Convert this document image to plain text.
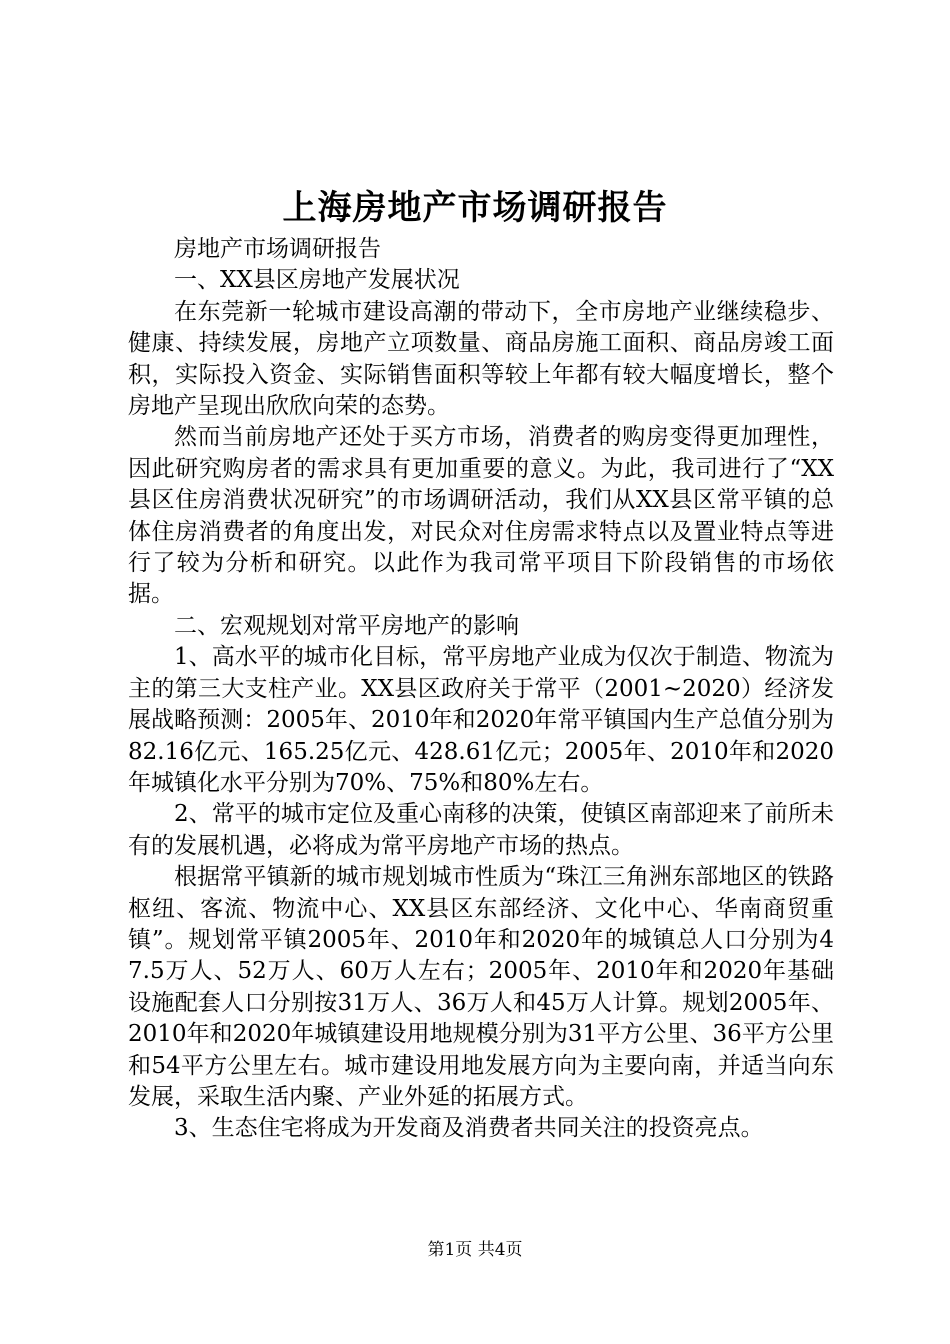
上海房地产市场调研报告

房地产市场调研报告

一、XX县区房地产发展状况

在东莞新一轮城市建设高潮的带动下，全市房地产业继续稳步、健康、持续发展，房地产立项数量、商品房施工面积、商品房竣工面积，实际投入资金、实际销售面积等较上年都有较大幅度增长，整个房地产呈现出欣欣向荣的态势。

然而当前房地产还处于买方市场，消费者的购房变得更加理性，因此研究购房者的需求具有更加重要的意义。为此，我司进行了“XX县区住房消费状况研究”的市场调研活动，我们从XX县区常平镇的总体住房消费者的角度出发，对民众对住房需求特点以及置业特点等进行了较为分析和研究。以此作为我司常平项目下阶段销售的市场依据。

二、宏观规划对常平房地产的影响

1、高水平的城市化目标，常平房地产业成为仅次于制造、物流为主的第三大支柱产业。XX县区政府关于常平（2001~2020）经济发展战略预测：2005年、2010年和2020年常平镇国内生产总值分别为82.16亿元、165.25亿元、428.61亿元；2005年、2010年和2020年城镇化水平分别为70%、75%和80%左右。

2、常平的城市定位及重心南移的决策，使镇区南部迎来了前所未有的发展机遇，必将成为常平房地产市场的热点。

根据常平镇新的城市规划城市性质为“珠江三角洲东部地区的铁路枢纽、客流、物流中心、XX县区东部经济、文化中心、华南商贸重镇”。规划常平镇2005年、2010年和2020年的城镇总人口分别为47.5万人、52万人、60万人左右；2005年、2010年和2020年基础设施配套人口分别按31万人、36万人和45万人计算。规划2005年、2010年和2020年城镇建设用地规模分别为31平方公里、36平方公里和54平方公里左右。城市建设用地发展方向为主要向南，并适当向东发展，采取生活内聚、产业外延的拓展方式。

3、生态住宅将成为开发商及消费者共同关注的投资亮点。

第1页 共4页
